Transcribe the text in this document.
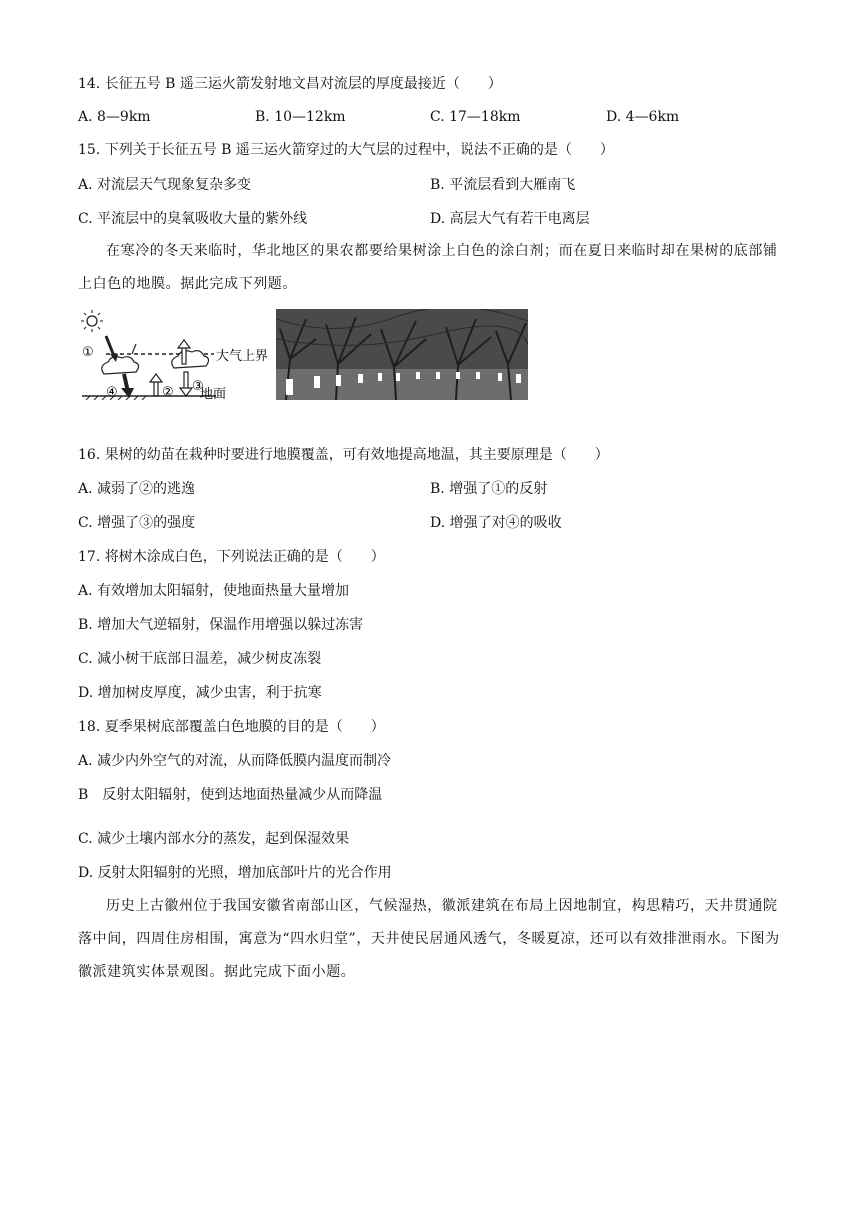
14. 长征五号 B 遥三运火箭发射地文昌对流层的厚度最接近（　　）
A. 8—9km	B. 10—12km	C. 17—18km	D. 4—6km
15. 下列关于长征五号 B 遥三运火箭穿过的大气层的过程中，说法不正确的是（　　）
A. 对流层天气现象复杂多变	B. 平流层看到大雁南飞
C. 平流层中的臭氧吸收大量的紫外线	D. 高层大气有若干电离层
在寒冷的冬天来临时，华北地区的果农都要给果树涂上白色的涂白剂；而在夏日来临时却在果树的底部铺上白色的地膜。据此完成下列题。
①
④	② ③
大气上界
地面
16. 果树的幼苗在栽种时要进行地膜覆盖，可有效地提高地温，其主要原理是（　　）
A. 减弱了②的逃逸	B. 增强了①的反射
C. 增强了③的强度	D. 增强了对④的吸收
17. 将树木涂成白色，下列说法正确的是（　　）
A. 有效增加太阳辐射，使地面热量大量增加
B. 增加大气逆辐射，保温作用增强以躲过冻害
C. 减小树干底部日温差，减少树皮冻裂
D. 增加树皮厚度，减少虫害，利于抗寒
18. 夏季果树底部覆盖白色地膜的目的是（　　）
A. 减少内外空气的对流，从而降低膜内温度而制冷
B　反射太阳辐射，使到达地面热量减少从而降温
C. 减少土壤内部水分的蒸发，起到保湿效果
D. 反射太阳辐射的光照，增加底部叶片的光合作用
历史上古徽州位于我国安徽省南部山区，气候湿热，徽派建筑在布局上因地制宜，构思精巧，天井贯通院落中间，四周住房相围，寓意为“四水归堂”，天井使民居通风透气，冬暖夏凉，还可以有效排泄雨水。下图为徽派建筑实体景观图。据此完成下面小题。
